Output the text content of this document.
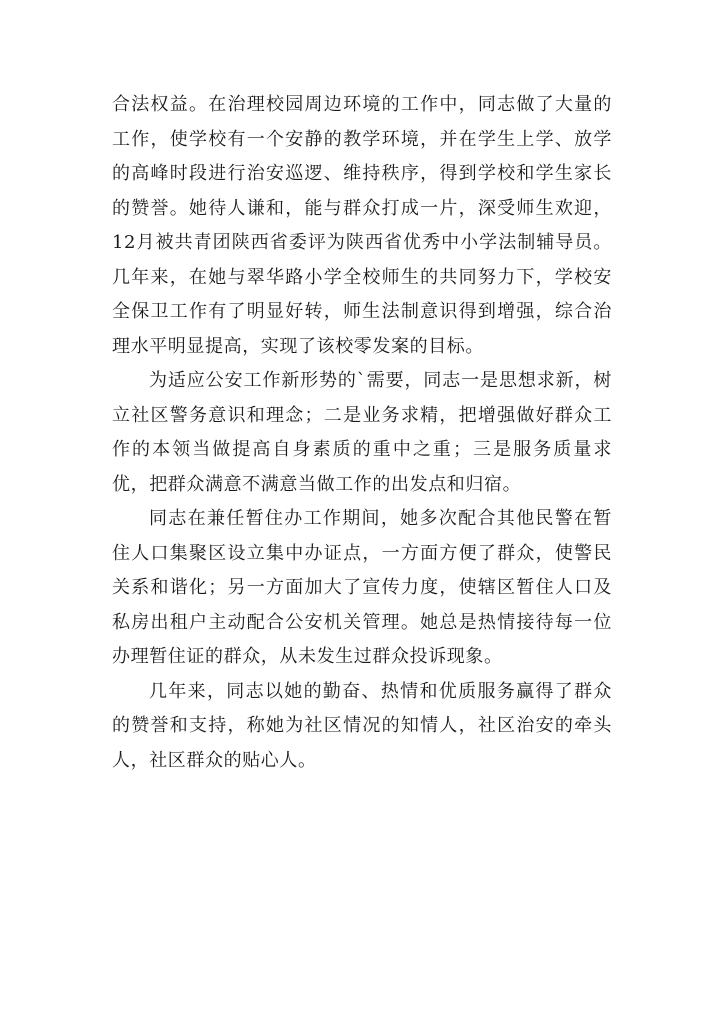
合法权益。在治理校园周边环境的工作中，同志做了大量的工作，使学校有一个安静的教学环境，并在学生上学、放学的高峰时段进行治安巡逻、维持秩序，得到学校和学生家长的赞誉。她待人谦和，能与群众打成一片，深受师生欢迎，12月被共青团陕西省委评为陕西省优秀中小学法制辅导员。几年来，在她与翠华路小学全校师生的共同努力下，学校安全保卫工作有了明显好转，师生法制意识得到增强，综合治理水平明显提高，实现了该校零发案的目标。

为适应公安工作新形势的`需要，同志一是思想求新，树立社区警务意识和理念；二是业务求精，把增强做好群众工作的本领当做提高自身素质的重中之重；三是服务质量求优，把群众满意不满意当做工作的出发点和归宿。

同志在兼任暂住办工作期间，她多次配合其他民警在暂住人口集聚区设立集中办证点，一方面方便了群众，使警民关系和谐化；另一方面加大了宣传力度，使辖区暂住人口及私房出租户主动配合公安机关管理。她总是热情接待每一位办理暂住证的群众，从未发生过群众投诉现象。

几年来，同志以她的勤奋、热情和优质服务赢得了群众的赞誉和支持，称她为社区情况的知情人，社区治安的牵头人，社区群众的贴心人。
